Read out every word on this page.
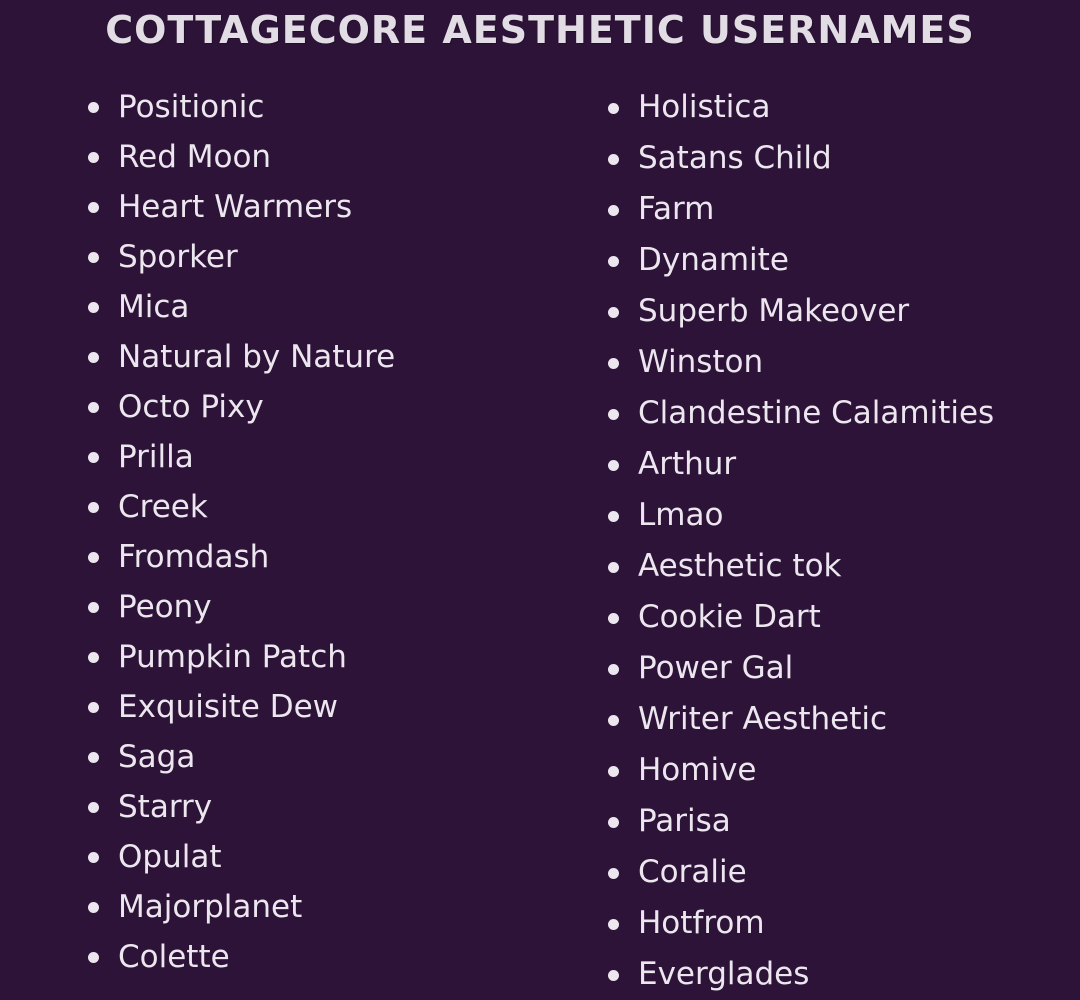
COTTAGECORE AESTHETIC USERNAMES
Positionic
Red Moon
Heart Warmers
Sporker
Mica
Natural by Nature
Octo Pixy
Prilla
Creek
Fromdash
Peony
Pumpkin Patch
Exquisite Dew
Saga
Starry
Opulat
Majorplanet
Colette
Holistica
Satans Child
Farm
Dynamite
Superb Makeover
Winston
Clandestine Calamities
Arthur
Lmao
Aesthetic tok
Cookie Dart
Power Gal
Writer Aesthetic
Homive
Parisa
Coralie
Hotfrom
Everglades
